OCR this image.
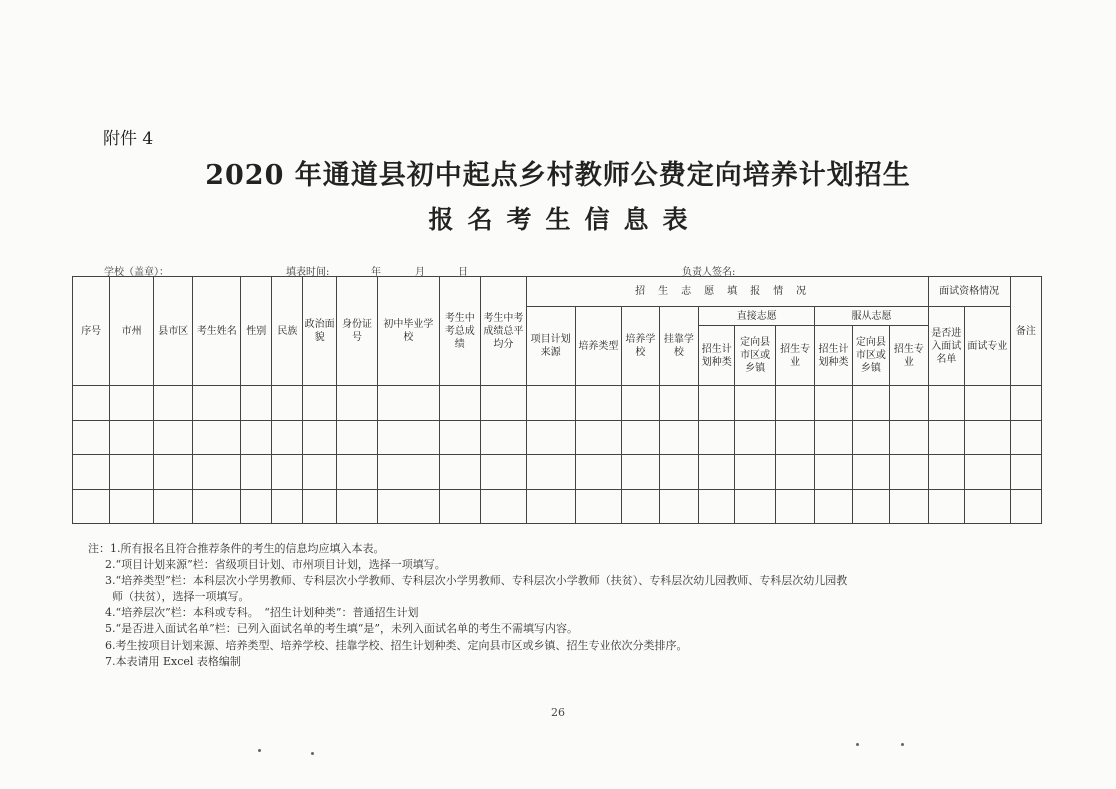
附件 4
2020 年通道县初中起点乡村教师公费定向培养计划招生
报名考生信息表
学校（盖章）：	填表时间:	年	月	日	负责人签名:
序号	市州	县市区	考生姓名	性别	民族	政治面貌	身份证号	初中毕业学校	考生中考总成绩	考生中考成绩总平均分	招生志愿填报情况										面试资格情况		备注
											项目计划来源	培养类型	培养学校	挂靠学校	直接志愿			服从志愿			是否进入面试名单	面试专业	
															招生计划种类	定向县市区或乡镇	招生专业	招生计划种类	定向县市区或乡镇	招生专业			

注：1.所有报名且符合推荐条件的考生的信息均应填入本表。
2.“项目计划来源”栏：省级项目计划、市州项目计划，选择一项填写。
3.“培养类型”栏：本科层次小学男教师、专科层次小学教师、专科层次小学男教师、专科层次小学教师（扶贫）、专科层次幼儿园教师、专科层次幼儿园教
师（扶贫），选择一项填写。
4.“培养层次”栏：本科或专科。　“招生计划种类”：普通招生计划
5.“是否进入面试名单”栏：已列入面试名单的考生填“是”，未列入面试名单的考生不需填写内容。
6.考生按项目计划来源、培养类型、培养学校、挂靠学校、招生计划种类、定向县市区或乡镇、招生专业依次分类排序。
7.本表请用 Excel 表格编制
26
